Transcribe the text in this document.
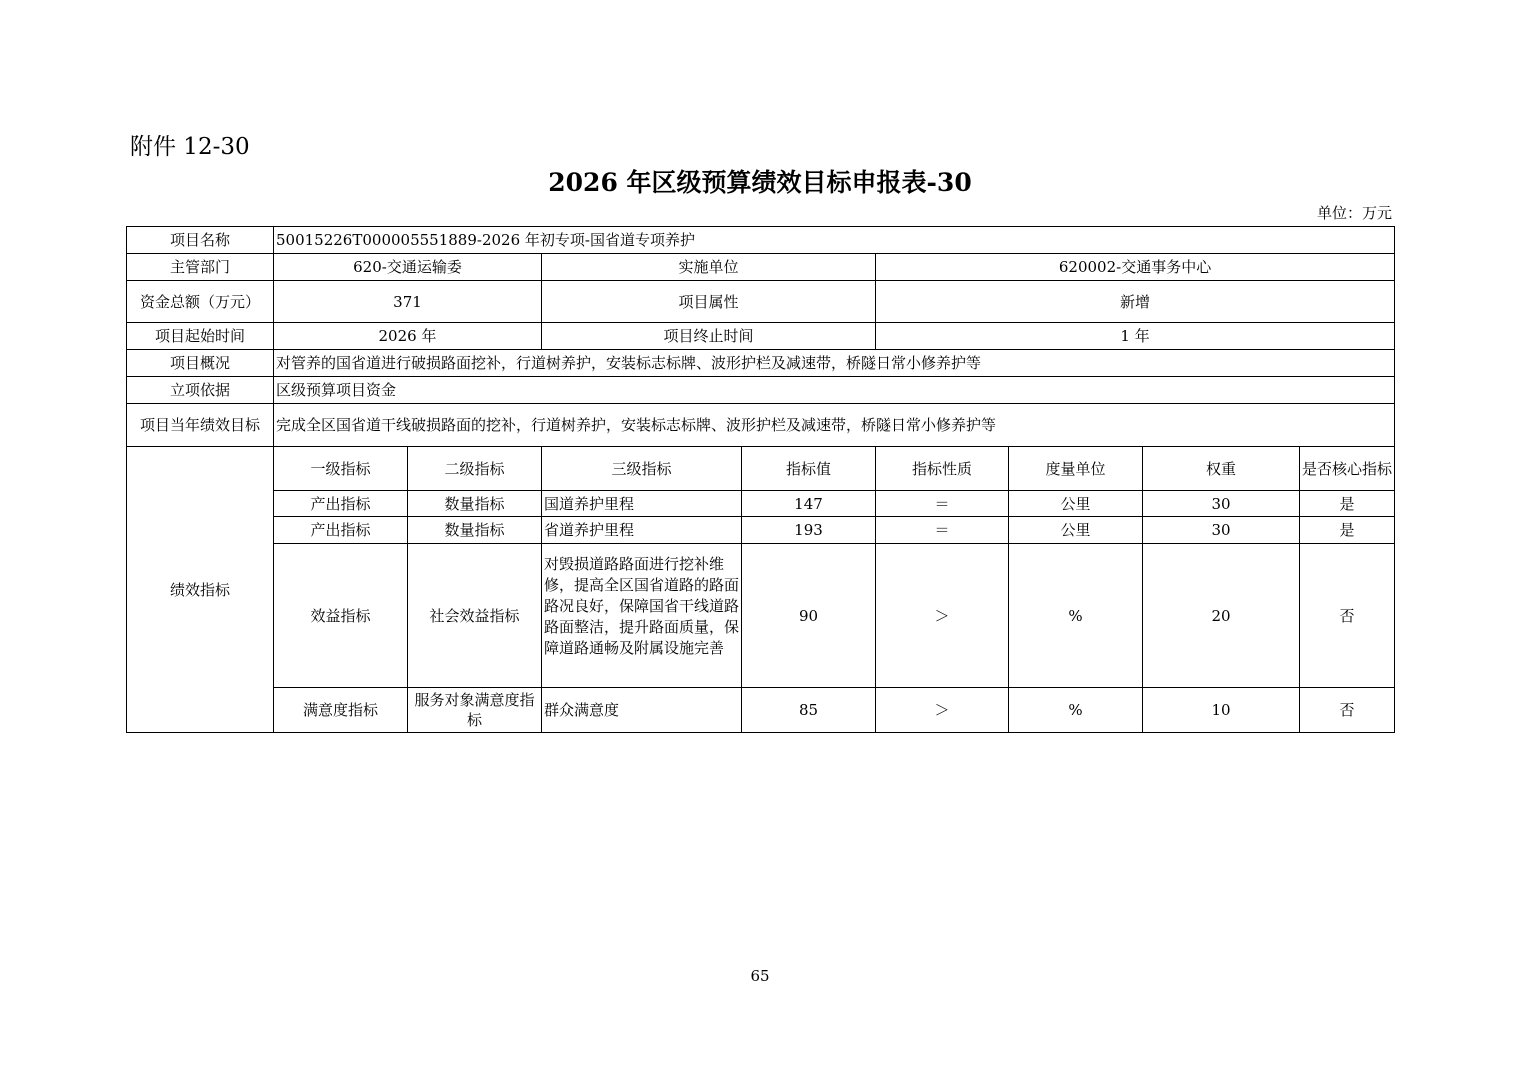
附件 12-30
2026 年区级预算绩效目标申报表-30
单位：万元
项目名称	50015226T000005551889-2026 年初专项-国省道专项养护							
主管部门	620-交通运输委		实施单位		620002-交通事务中心			
资金总额（万元）	371		项目属性		新增			
项目起始时间	2026 年		项目终止时间		1 年			
项目概况	对管养的国省道进行破损路面挖补，行道树养护，安装标志标牌、波形护栏及减速带，桥隧日常小修养护等							
立项依据	区级预算项目资金							
项目当年绩效目标	完成全区国省道干线破损路面的挖补，行道树养护，安装标志标牌、波形护栏及减速带，桥隧日常小修养护等							
绩效指标	一级指标	二级指标	三级指标	指标值	指标性质	度量单位	权重	是否核心指标
	产出指标	数量指标	国道养护里程	147	＝	公里	30	是
	产出指标	数量指标	省道养护里程	193	＝	公里	30	是
	效益指标	社会效益指标	对毁损道路路面进行挖补维修，提高全区国省道路的路面路况良好，保障国省干线道路路面整洁，提升路面质量，保障道路通畅及附属设施完善	90	＞	%	20	否
	满意度指标	服务对象满意度指标	群众满意度	85	＞	%	10	否
65
